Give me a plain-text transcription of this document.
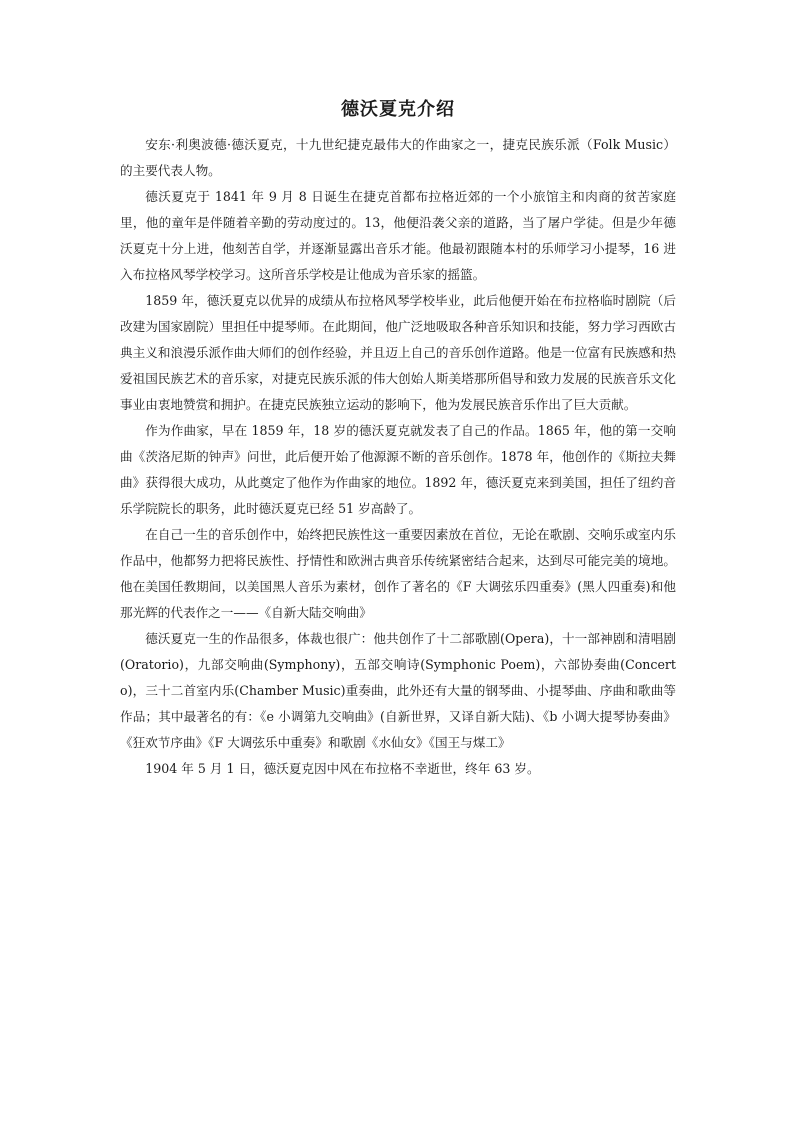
德沃夏克介绍

安东·利奥波德·德沃夏克，十九世纪捷克最伟大的作曲家之一，捷克民族乐派（Folk Music）的主要代表人物。

德沃夏克于 1841 年 9 月 8 日诞生在捷克首都布拉格近郊的一个小旅馆主和肉商的贫苦家庭里，他的童年是伴随着辛勤的劳动度过的。13，他便沿袭父亲的道路，当了屠户学徒。但是少年德沃夏克十分上进，他刻苦自学，并逐渐显露出音乐才能。他最初跟随本村的乐师学习小提琴，16 进入布拉格风琴学校学习。这所音乐学校是让他成为音乐家的摇篮。

1859 年，德沃夏克以优异的成绩从布拉格风琴学校毕业，此后他便开始在布拉格临时剧院（后改建为国家剧院）里担任中提琴师。在此期间，他广泛地吸取各种音乐知识和技能，努力学习西欧古典主义和浪漫乐派作曲大师们的创作经验，并且迈上自己的音乐创作道路。他是一位富有民族感和热爱祖国民族艺术的音乐家，对捷克民族乐派的伟大创始人斯美塔那所倡导和致力发展的民族音乐文化事业由衷地赞赏和拥护。在捷克民族独立运动的影响下，他为发展民族音乐作出了巨大贡献。

作为作曲家，早在 1859 年，18 岁的德沃夏克就发表了自己的作品。1865 年，他的第一交响曲《茨洛尼斯的钟声》问世，此后便开始了他源源不断的音乐创作。1878 年，他创作的《斯拉夫舞曲》获得很大成功，从此奠定了他作为作曲家的地位。1892 年，德沃夏克来到美国，担任了纽约音乐学院院长的职务，此时德沃夏克已经 51 岁高龄了。

在自己一生的音乐创作中，始终把民族性这一重要因素放在首位，无论在歌剧、交响乐或室内乐作品中，他都努力把将民族性、抒情性和欧洲古典音乐传统紧密结合起来，达到尽可能完美的境地。他在美国任教期间，以美国黑人音乐为素材，创作了著名的《F 大调弦乐四重奏》(黑人四重奏)和他那光辉的代表作之一——《自新大陆交响曲》

德沃夏克一生的作品很多，体裁也很广：他共创作了十二部歌剧(Opera)，十一部神剧和清唱剧(Oratorio)，九部交响曲(Symphony)，五部交响诗(Symphonic Poem)，六部协奏曲(Concerto)，三十二首室内乐(Chamber Music)重奏曲，此外还有大量的钢琴曲、小提琴曲、序曲和歌曲等作品；其中最著名的有：《e 小调第九交响曲》(自新世界，又译自新大陆)、《b 小调大提琴协奏曲》《狂欢节序曲》《F 大调弦乐中重奏》和歌剧《水仙女》《国王与煤工》

1904 年 5 月 1 日，德沃夏克因中风在布拉格不幸逝世，终年 63 岁。
